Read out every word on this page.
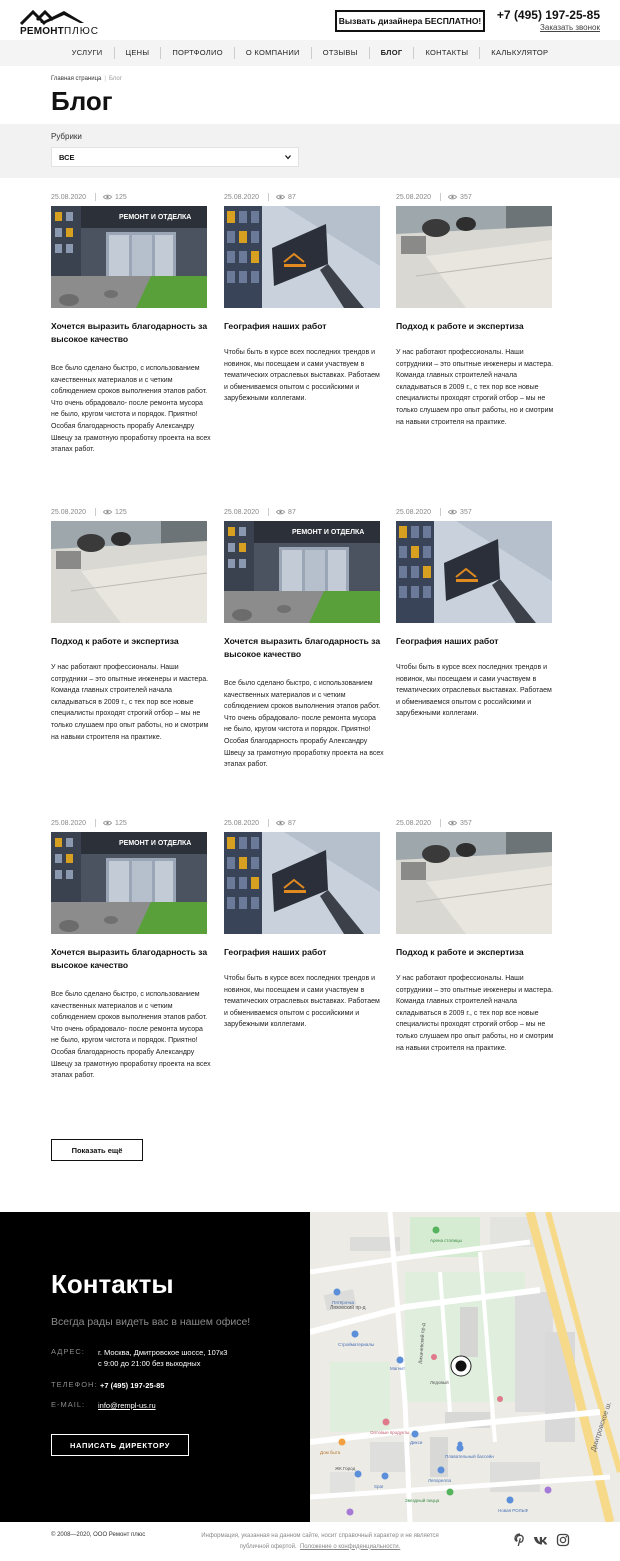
РЕМОНТПЛЮС
Вызвать дизайнера БЕСПЛАТНО!	+7 (495) 197-25-85
Заказать звонок
УСЛУГИ	ЦЕНЫ	ПОРТФОЛИО	О КОМПАНИИ	ОТЗЫВЫ	БЛОГ	КОНТАКТЫ	КАЛЬКУЛЯТОР
Главная страница | Блог
Блог
Рубрики
ВСЕ
25.08.2020	125
РЕМОНТ И ОТДЕЛКА
Хочется выразить благодарность за высокое качество
Все было сделано быстро, с использованием качественных материалов и с четким соблюдением сроков выполнения этапов работ. Что очень обрадовало- после ремонта мусора не было, кругом чистота и порядок. Приятно! Особая благодарность прорабу Александру Швецу за грамотную проработку проекта на всех этапах работ.
25.08.2020	87
География наших работ
Чтобы быть в курсе всех последних трендов и новинок, мы посещаем и сами участвуем в тематических отраслевых выставках. Работаем и обмениваемся опытом с российскими и зарубежными коллегами.
25.08.2020	357
Подход к работе и экспертиза
У нас работают профессионалы. Наши сотрудники – это опытные инженеры и мастера. Команда главных строителей начала складываться в 2009 г., с тех пор все новые специалисты проходят строгий отбор – мы не только слушаем про опыт работы, но и смотрим на навыки строителя на практике.
25.08.2020	125
Подход к работе и экспертиза
У нас работают профессионалы. Наши сотрудники – это опытные инженеры и мастера. Команда главных строителей начала складываться в 2009 г., с тех пор все новые специалисты проходят строгий отбор – мы не только слушаем про опыт работы, но и смотрим на навыки строителя на практике.
25.08.2020	87
РЕМОНТ И ОТДЕЛКА
Хочется выразить благодарность за высокое качество
Все было сделано быстро, с использованием качественных материалов и с четким соблюдением сроков выполнения этапов работ. Что очень обрадовало- после ремонта мусора не было, кругом чистота и порядок. Приятно! Особая благодарность прорабу Александру Швецу за грамотную проработку проекта на всех этапах работ.
25.08.2020	357
География наших работ
Чтобы быть в курсе всех последних трендов и новинок, мы посещаем и сами участвуем в тематических отраслевых выставках. Работаем и обмениваемся опытом с российскими и зарубежными коллегами.
25.08.2020	125
РЕМОНТ И ОТДЕЛКА
Хочется выразить благодарность за высокое качество
Все было сделано быстро, с использованием качественных материалов и с четким соблюдением сроков выполнения этапов работ. Что очень обрадовало- после ремонта мусора не было, кругом чистота и порядок. Приятно! Особая благодарность прорабу Александру Швецу за грамотную проработку проекта на всех этапах работ.
25.08.2020	87
География наших работ
Чтобы быть в курсе всех последних трендов и новинок, мы посещаем и сами участвуем в тематических отраслевых выставках. Работаем и обмениваемся опытом с российскими и зарубежными коллегами.
25.08.2020	357
Подход к работе и экспертиза
У нас работают профессионалы. Наши сотрудники – это опытные инженеры и мастера. Команда главных строителей начала складываться в 2009 г., с тех пор все новые специалисты проходят строгий отбор – мы не только слушаем про опыт работы, но и смотрим на навыки строителя на практике.
Показать ещё
Контакты
Всегда рады видеть вас в нашем офисе!
АДРЕС: г. Москва, Дмитровское шоссе, 107к3
с 9:00 до 21:00 без выходных
ТЕЛЕФОН: +7 (495) 197-25-85
E-MAIL: info@rempl-us.ru
НАПИСАТЬ ДИРЕКТОРУ
Ляховский пр-д
Лихачевский пр-д
Дмитровское ш.
Арена столицы
Пятёрочка
Стройматериалы
Магнит
Ледовый
Оптовые продукты
Дикси
Дом быта
Плавательный бассейн
ЖК Город
Spar
Лепорелла
Звездный пицца
Новая РОЛЬФ
© 2008—2020, ООО Ремонт плюс	Информация, указанная на данном сайте, носит справочный характер и не является
публичной офертой. Положение о конфиденциальности.
